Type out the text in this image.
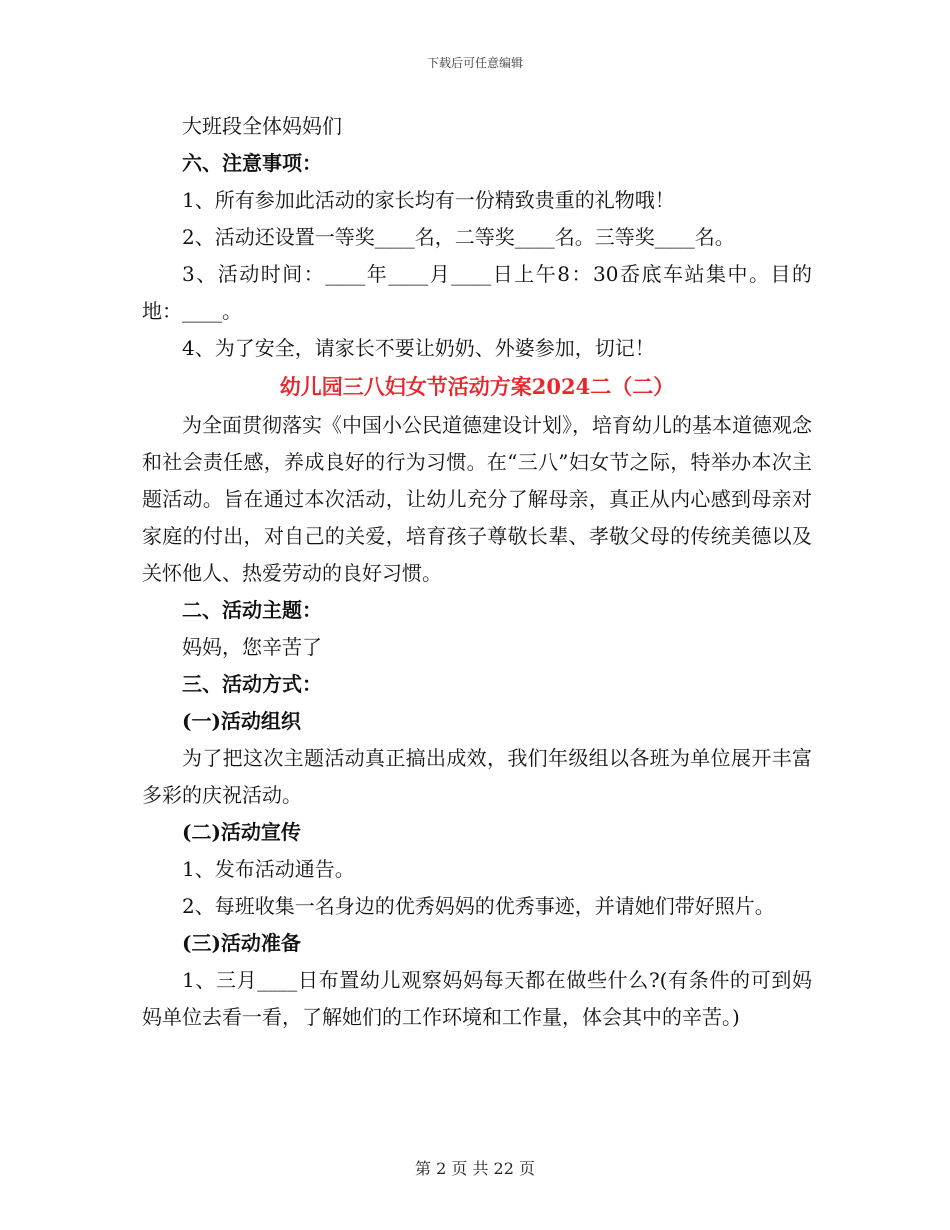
下载后可任意编辑

大班段全体妈妈们

六、注意事项：

1、所有参加此活动的家长均有一份精致贵重的礼物哦！

2、活动还设置一等奖____名，二等奖____名。三等奖____名。

3、活动时间：____年____月____日上午8：30岙底车站集中。目的地：____。

4、为了安全，请家长不要让奶奶、外婆参加，切记！

幼儿园三八妇女节活动方案2024二（二）

为全面贯彻落实《中国小公民道德建设计划》，培育幼儿的基本道德观念和社会责任感，养成良好的行为习惯。在“三八”妇女节之际，特举办本次主题活动。旨在通过本次活动，让幼儿充分了解母亲，真正从内心感到母亲对家庭的付出，对自己的关爱，培育孩子尊敬长辈、孝敬父母的传统美德以及关怀他人、热爱劳动的良好习惯。

二、活动主题：

妈妈，您辛苦了

三、活动方式：

(一)活动组织

为了把这次主题活动真正搞出成效，我们年级组以各班为单位展开丰富多彩的庆祝活动。

(二)活动宣传

1、发布活动通告。

2、每班收集一名身边的优秀妈妈的优秀事迹，并请她们带好照片。

(三)活动准备

1、三月____日布置幼儿观察妈妈每天都在做些什么?(有条件的可到妈妈单位去看一看，了解她们的工作环境和工作量，体会其中的辛苦。)

第 2 页 共 22 页
